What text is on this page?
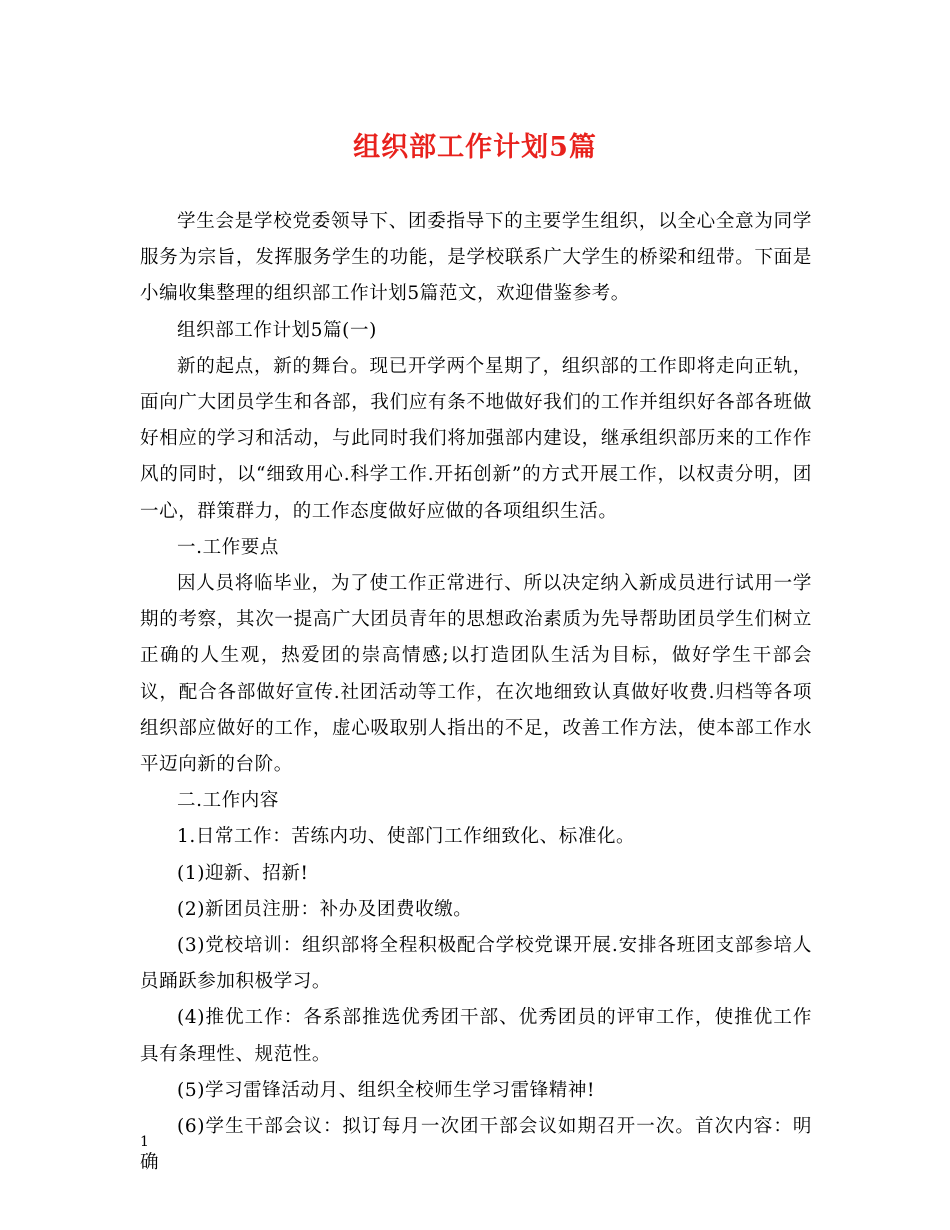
组织部工作计划5篇

学生会是学校党委领导下、团委指导下的主要学生组织，以全心全意为同学服务为宗旨，发挥服务学生的功能，是学校联系广大学生的桥梁和纽带。下面是小编收集整理的组织部工作计划5篇范文，欢迎借鉴参考。

组织部工作计划5篇(一)

新的起点，新的舞台。现已开学两个星期了，组织部的工作即将走向正轨，面向广大团员学生和各部，我们应有条不地做好我们的工作并组织好各部各班做好相应的学习和活动，与此同时我们将加强部内建设，继承组织部历来的工作作风的同时，以“细致用心.科学工作.开拓创新”的方式开展工作，以权责分明，团一心，群策群力，的工作态度做好应做的各项组织生活。

一.工作要点

因人员将临毕业，为了使工作正常进行、所以决定纳入新成员进行试用一学期的考察，其次一提高广大团员青年的思想政治素质为先导帮助团员学生们树立正确的人生观，热爱团的崇高情感;以打造团队生活为目标，做好学生干部会议，配合各部做好宣传.社团活动等工作，在次地细致认真做好收费.归档等各项组织部应做好的工作，虚心吸取别人指出的不足，改善工作方法，使本部工作水平迈向新的台阶。

二.工作内容

1.日常工作：苦练内功、使部门工作细致化、标准化。

(1)迎新、招新!

(2)新团员注册：补办及团费收缴。

(3)党校培训：组织部将全程积极配合学校党课开展.安排各班团支部参培人员踊跃参加积极学习。

(4)推优工作：各系部推选优秀团干部、优秀团员的评审工作，使推优工作具有条理性、规范性。

(5)学习雷锋活动月、组织全校师生学习雷锋精神!

(6)学生干部会议：拟订每月一次团干部会议如期召开一次。首次内容：明确

1
